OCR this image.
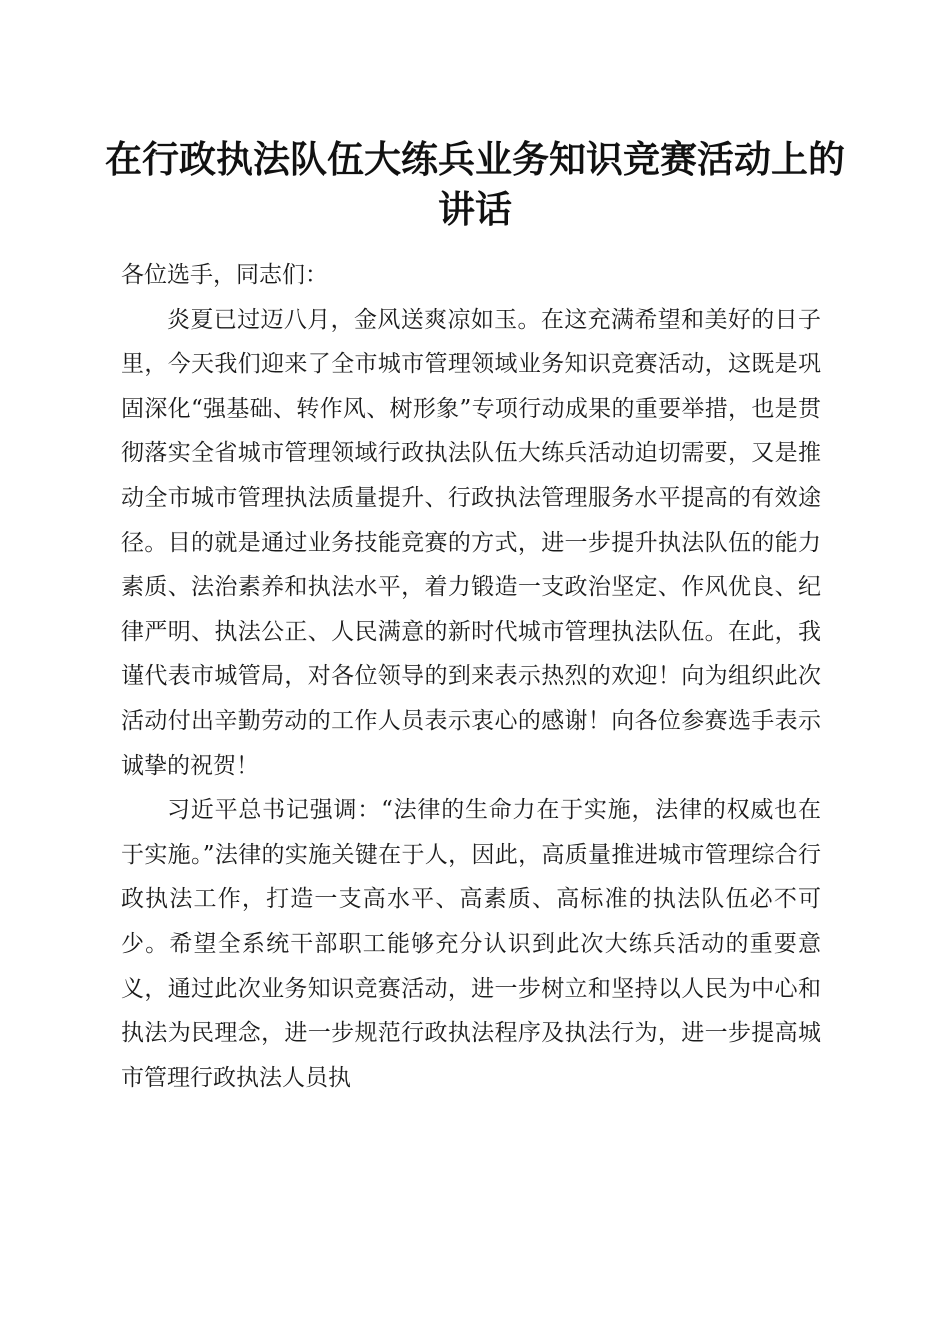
在行政执法队伍大练兵业务知识竞赛活动上的讲话

各位选手，同志们：

炎夏已过迈八月，金风送爽凉如玉。在这充满希望和美好的日子里，今天我们迎来了全市城市管理领域业务知识竞赛活动，这既是巩固深化“强基础、转作风、树形象”专项行动成果的重要举措，也是贯彻落实全省城市管理领域行政执法队伍大练兵活动迫切需要，又是推动全市城市管理执法质量提升、行政执法管理服务水平提高的有效途径。目的就是通过业务技能竞赛的方式，进一步提升执法队伍的能力素质、法治素养和执法水平，着力锻造一支政治坚定、作风优良、纪律严明、执法公正、人民满意的新时代城市管理执法队伍。在此，我谨代表市城管局，对各位领导的到来表示热烈的欢迎！向为组织此次活动付出辛勤劳动的工作人员表示衷心的感谢！向各位参赛选手表示诚挚的祝贺！

习近平总书记强调：“法律的生命力在于实施，法律的权威也在于实施。”法律的实施关键在于人，因此，高质量推进城市管理综合行政执法工作，打造一支高水平、高素质、高标准的执法队伍必不可少。希望全系统干部职工能够充分认识到此次大练兵活动的重要意义，通过此次业务知识竞赛活动，进一步树立和坚持以人民为中心和执法为民理念，进一步规范行政执法程序及执法行为，进一步提高城市管理行政执法人员执
